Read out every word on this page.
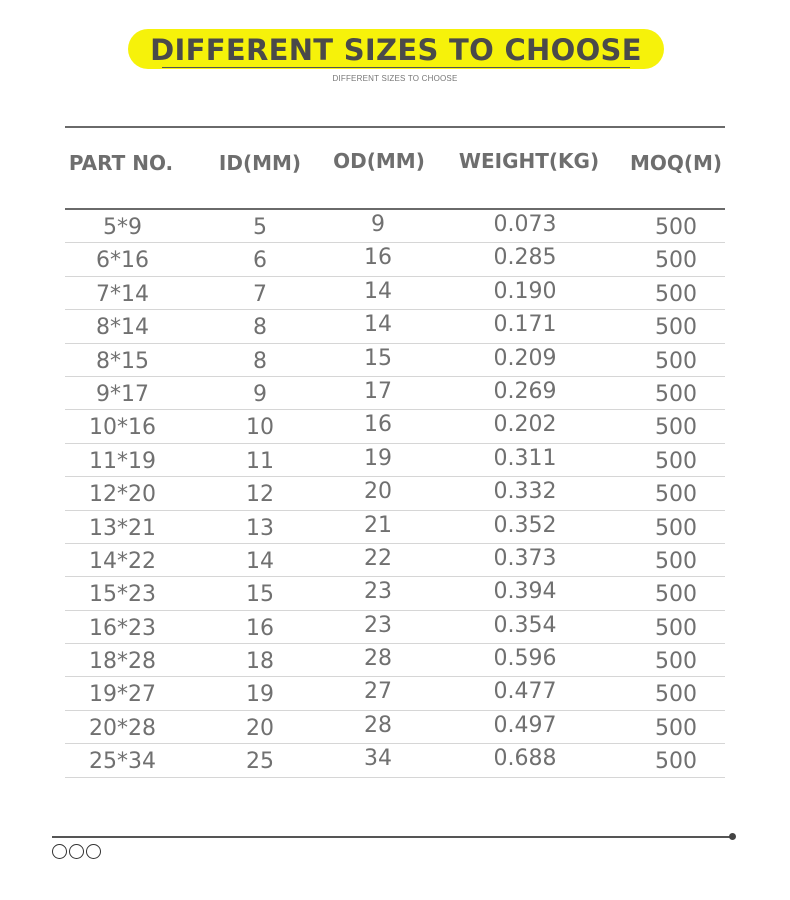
DIFFERENT SIZES TO CHOOSE
DIFFERENT SIZES TO CHOOSE
PART NO.	ID(MM)	OD(MM)	WEIGHT(KG)	MOQ(M)
5*9	5	9	0.073	500
6*16	6	16	0.285	500
7*14	7	14	0.190	500
8*14	8	14	0.171	500
8*15	8	15	0.209	500
9*17	9	17	0.269	500
10*16	10	16	0.202	500
11*19	11	19	0.311	500
12*20	12	20	0.332	500
13*21	13	21	0.352	500
14*22	14	22	0.373	500
15*23	15	23	0.394	500
16*23	16	23	0.354	500
18*28	18	28	0.596	500
19*27	19	27	0.477	500
20*28	20	28	0.497	500
25*34	25	34	0.688	500
